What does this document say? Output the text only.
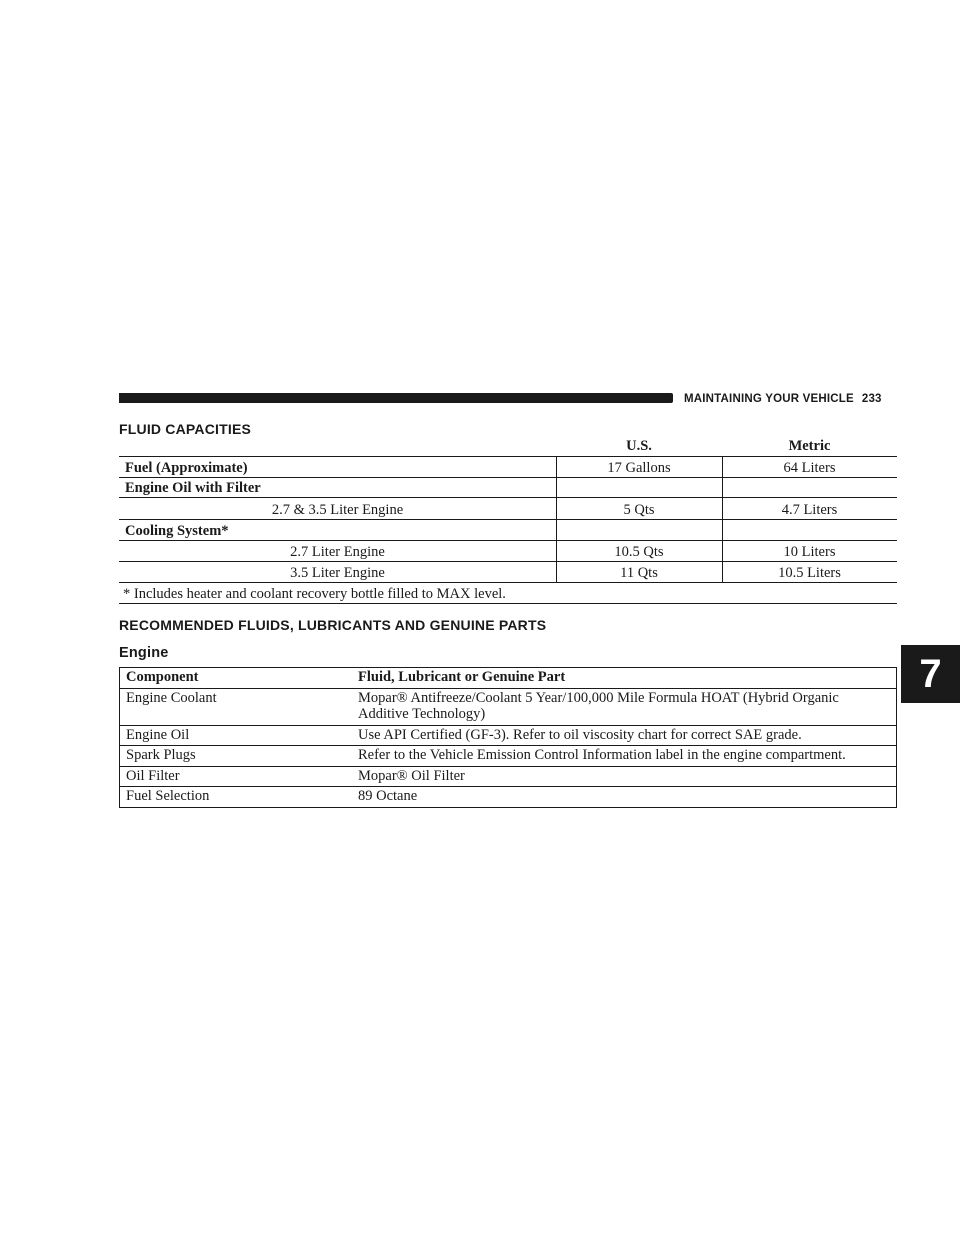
MAINTAINING YOUR VEHICLE 233
7
FLUID CAPACITIES
U.S.	Metric
Fuel (Approximate)	17 Gallons	64 Liters
Engine Oil with Filter
2.7 & 3.5 Liter Engine	5 Qts	4.7 Liters
Cooling System*
2.7 Liter Engine	10.5 Qts	10 Liters
3.5 Liter Engine	11 Qts	10.5 Liters
* Includes heater and coolant recovery bottle filled to MAX level.
RECOMMENDED FLUIDS, LUBRICANTS AND GENUINE PARTS
Engine
Component	Fluid, Lubricant or Genuine Part
Engine Coolant	Mopar® Antifreeze/Coolant 5 Year/100,000 Mile Formula HOAT (Hybrid Organic Additive Technology)
Engine Oil	Use API Certified (GF-3). Refer to oil viscosity chart for correct SAE grade.
Spark Plugs	Refer to the Vehicle Emission Control Information label in the engine compartment.
Oil Filter	Mopar® Oil Filter
Fuel Selection	89 Octane
